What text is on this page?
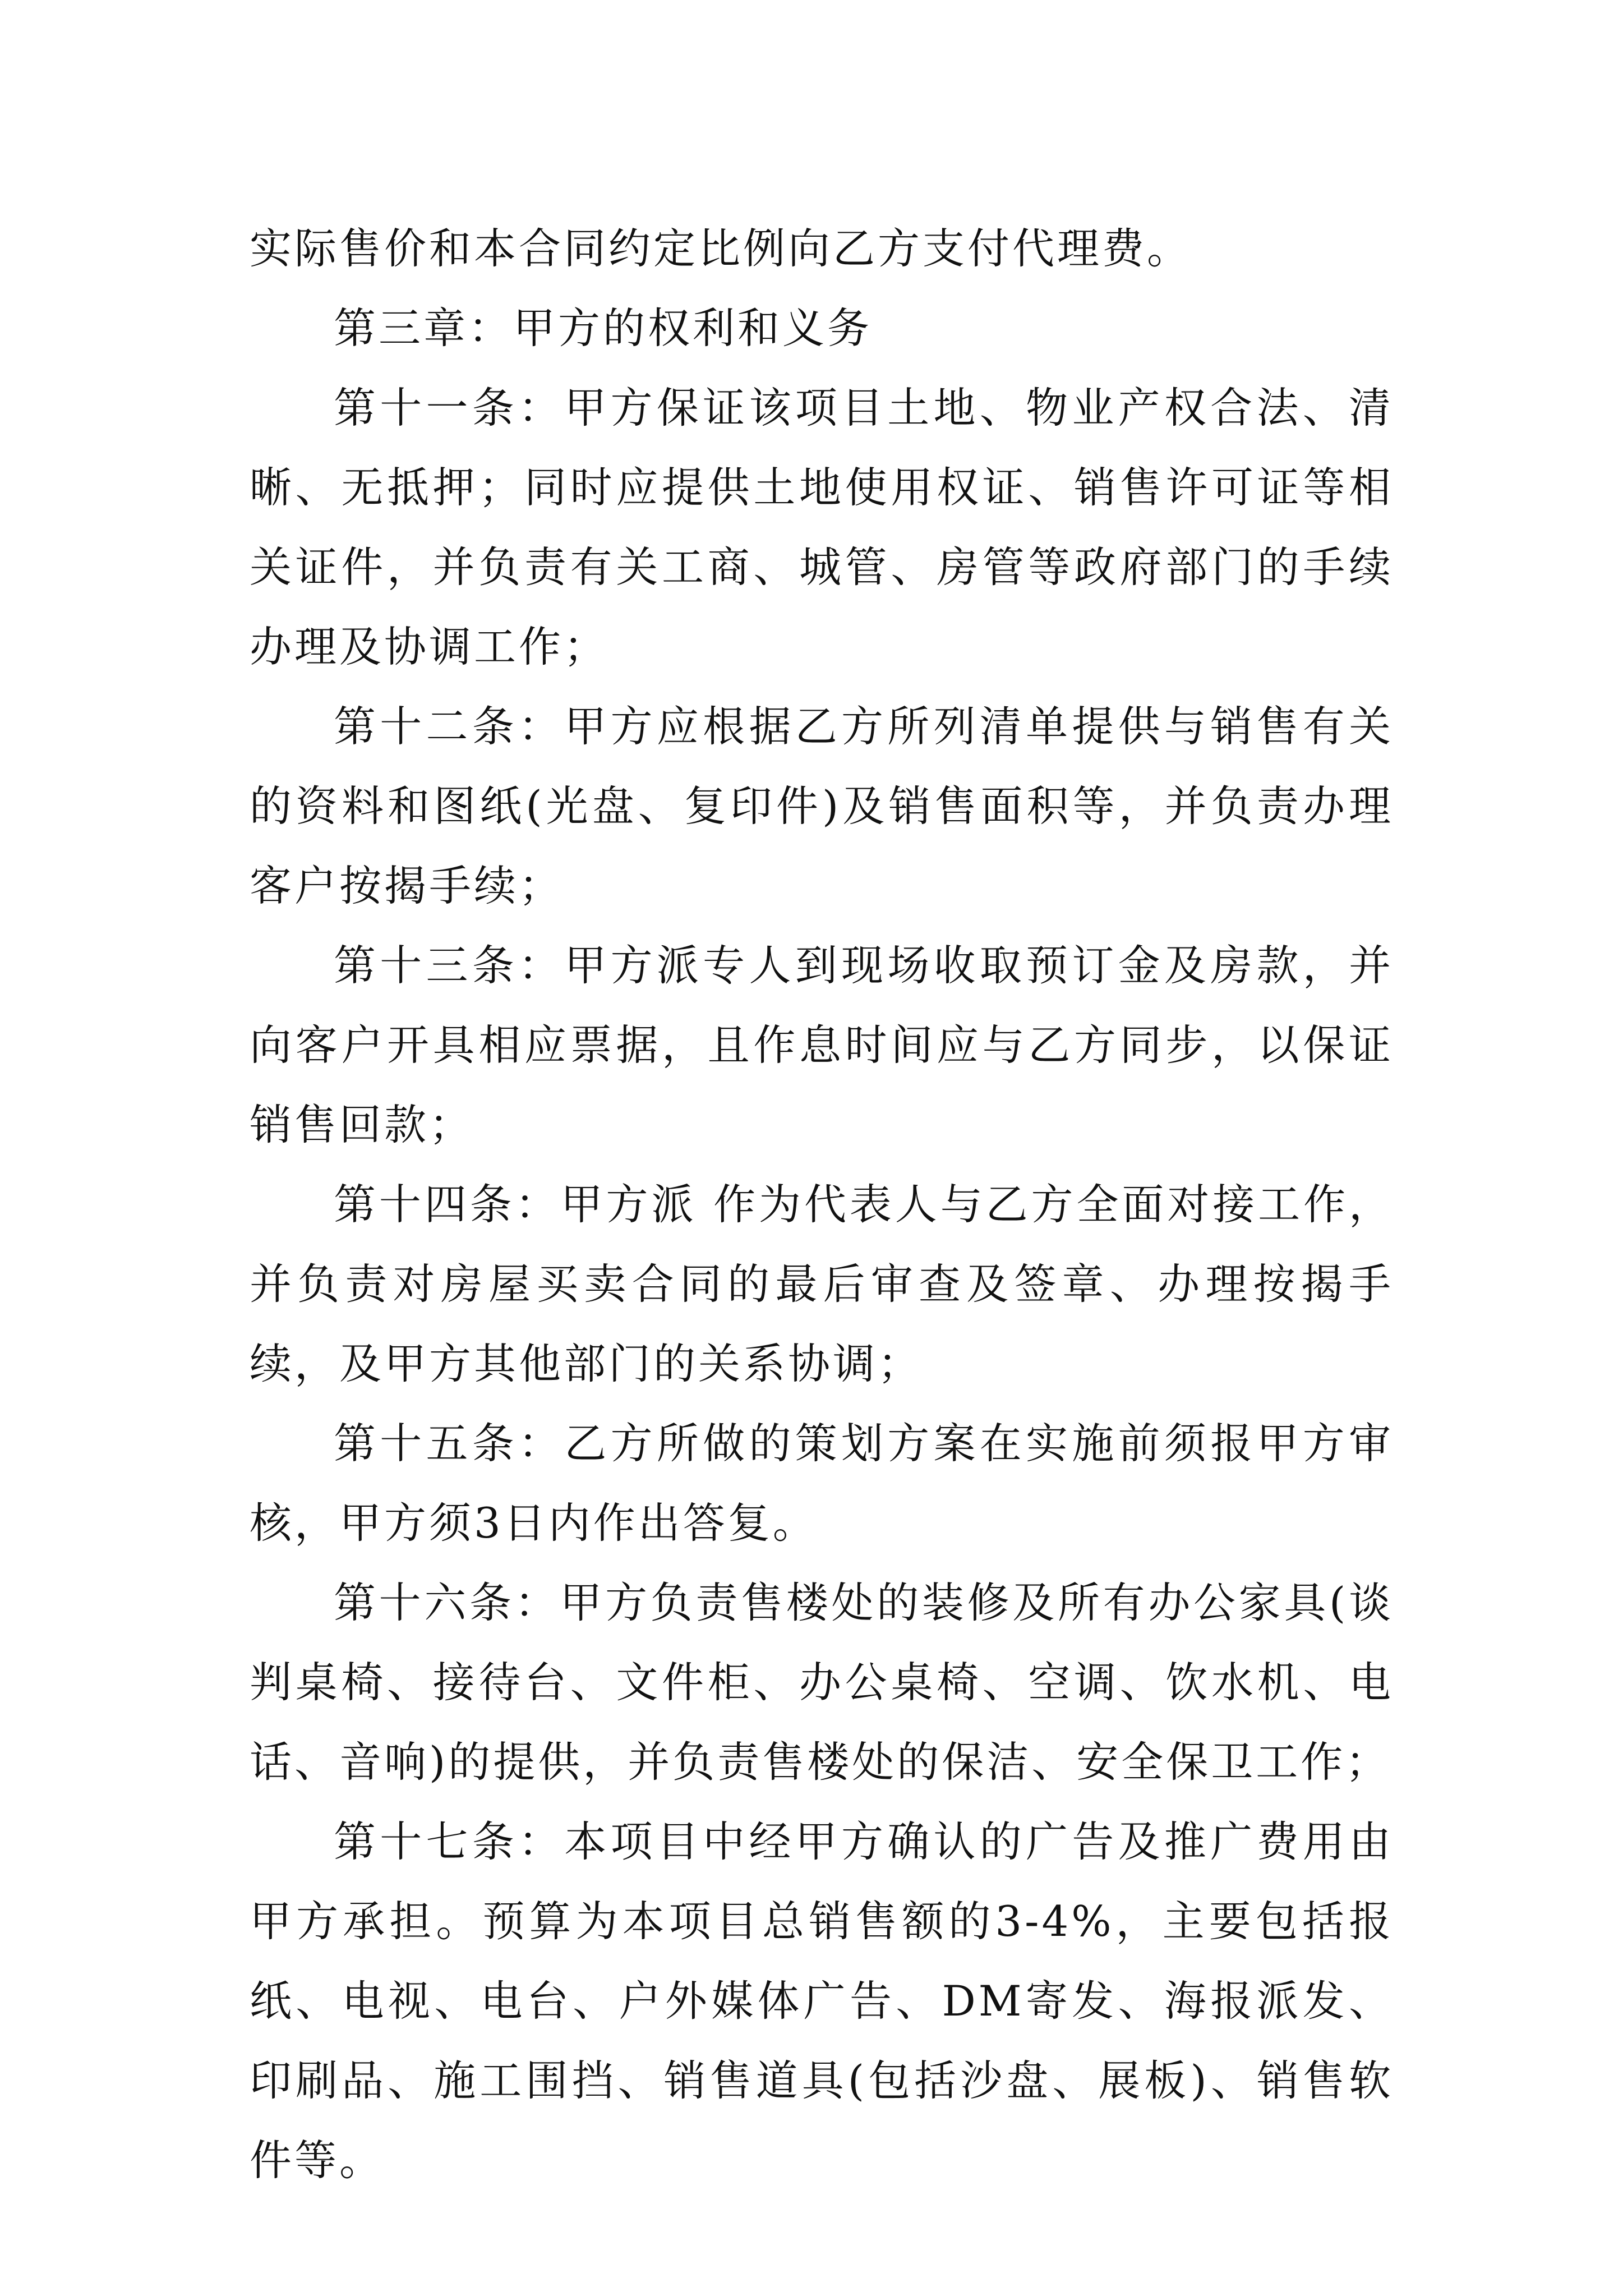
实际售价和本合同约定比例向乙方支付代理费。

第三章：甲方的权利和义务

第十一条：甲方保证该项目土地、物业产权合法、清晰、无抵押；同时应提供土地使用权证、销售许可证等相关证件，并负责有关工商、城管、房管等政府部门的手续办理及协调工作；

第十二条：甲方应根据乙方所列清单提供与销售有关的资料和图纸(光盘、复印件)及销售面积等，并负责办理客户按揭手续；

第十三条：甲方派专人到现场收取预订金及房款，并向客户开具相应票据，且作息时间应与乙方同步，以保证销售回款；

第十四条：甲方派 作为代表人与乙方全面对接工作，并负责对房屋买卖合同的最后审查及签章、办理按揭手续，及甲方其他部门的关系协调；

第十五条：乙方所做的策划方案在实施前须报甲方审核，甲方须3日内作出答复。

第十六条：甲方负责售楼处的装修及所有办公家具(谈判桌椅、接待台、文件柜、办公桌椅、空调、饮水机、电话、音响)的提供，并负责售楼处的保洁、安全保卫工作；

第十七条：本项目中经甲方确认的广告及推广费用由甲方承担。预算为本项目总销售额的3-4%，主要包括报纸、电视、电台、户外媒体广告、DM寄发、海报派发、印刷品、施工围挡、销售道具(包括沙盘、展板)、销售软件等。
